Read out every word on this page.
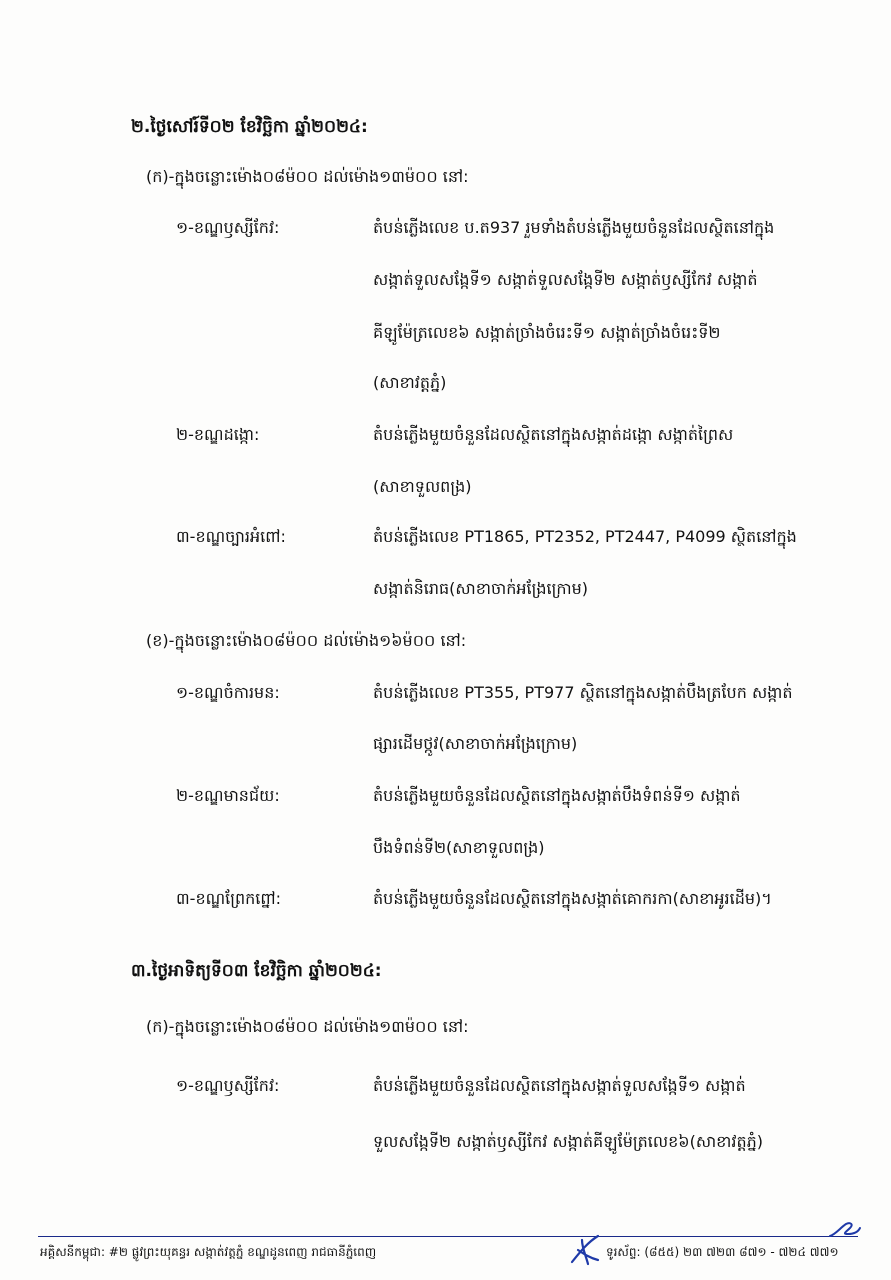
២.ថ្ងៃសៅរ៍ទី០២ ខែវិច្ឆិកា ឆ្នាំ២០២៤:
(ក)-ក្នុងចន្លោះម៉ោង០៨ម៉០០ ដល់ម៉ោង១៣ម៉០០ នៅ:
១-ខណ្ឌឫស្សីកែវ:	តំបន់ភ្លើងលេខ ប.ត937 រួមទាំងតំបន់ភ្លើងមួយចំនួនដែលស្ថិតនៅក្នុង
សង្កាត់ទួលសង្កែទី១ សង្កាត់ទួលសង្កែទី២ សង្កាត់ឫស្សីកែវ សង្កាត់
គីឡូម៉ែត្រលេខ៦ សង្កាត់ច្រាំងចំរេះទី១ សង្កាត់ច្រាំងចំរេះទី២
(សាខាវត្តភ្នំ)
២-ខណ្ឌដង្កោ:	តំបន់ភ្លើងមួយចំនួនដែលស្ថិតនៅក្នុងសង្កាត់ដង្កោ សង្កាត់ព្រៃស
(សាខាទួលពង្រ)
៣-ខណ្ឌច្បារអំពៅ:	តំបន់ភ្លើងលេខ PT1865, PT2352, PT2447, P4099 ស្ថិតនៅក្នុង
សង្កាត់និរោធ(សាខាចាក់អង្រែក្រោម)
(ខ)-ក្នុងចន្លោះម៉ោង០៨ម៉០០ ដល់ម៉ោង១៦ម៉០០ នៅ:
១-ខណ្ឌចំការមន:	តំបន់ភ្លើងលេខ PT355, PT977 ស្ថិតនៅក្នុងសង្កាត់បឹងត្របែក សង្កាត់
ផ្សារដើមថ្កូវ(សាខាចាក់អង្រែក្រោម)
២-ខណ្ឌមានជ័យ:	តំបន់ភ្លើងមួយចំនួនដែលស្ថិតនៅក្នុងសង្កាត់បឹងទំពន់ទី១ សង្កាត់
បឹងទំពន់ទី២(សាខាទួលពង្រ)
៣-ខណ្ឌព្រែកព្នៅ:	តំបន់ភ្លើងមួយចំនួនដែលស្ថិតនៅក្នុងសង្កាត់គោករកា(សាខាអូរដើម)។
៣.ថ្ងៃអាទិត្យទី០៣ ខែវិច្ឆិកា ឆ្នាំ២០២៤:
(ក)-ក្នុងចន្លោះម៉ោង០៨ម៉០០ ដល់ម៉ោង១៣ម៉០០ នៅ:
១-ខណ្ឌឫស្សីកែវ:	តំបន់ភ្លើងមួយចំនួនដែលស្ថិតនៅក្នុងសង្កាត់ទួលសង្កែទី១ សង្កាត់
ទួលសង្កែទី២ សង្កាត់ឫស្សីកែវ សង្កាត់គីឡូម៉ែត្រលេខ៦(សាខាវត្តភ្នំ)
អគ្គិសនីកម្ពុជា: #២ ផ្លូវព្រះយុគន្ធរ សង្កាត់វត្តភ្នំ ខណ្ឌដូនពេញ រាជធានីភ្នំពេញ	ទូរស័ព្ទ: (៨៥៥) ២៣ ៧២៣ ៨៧១ - ៧២៤ ៧៧១
